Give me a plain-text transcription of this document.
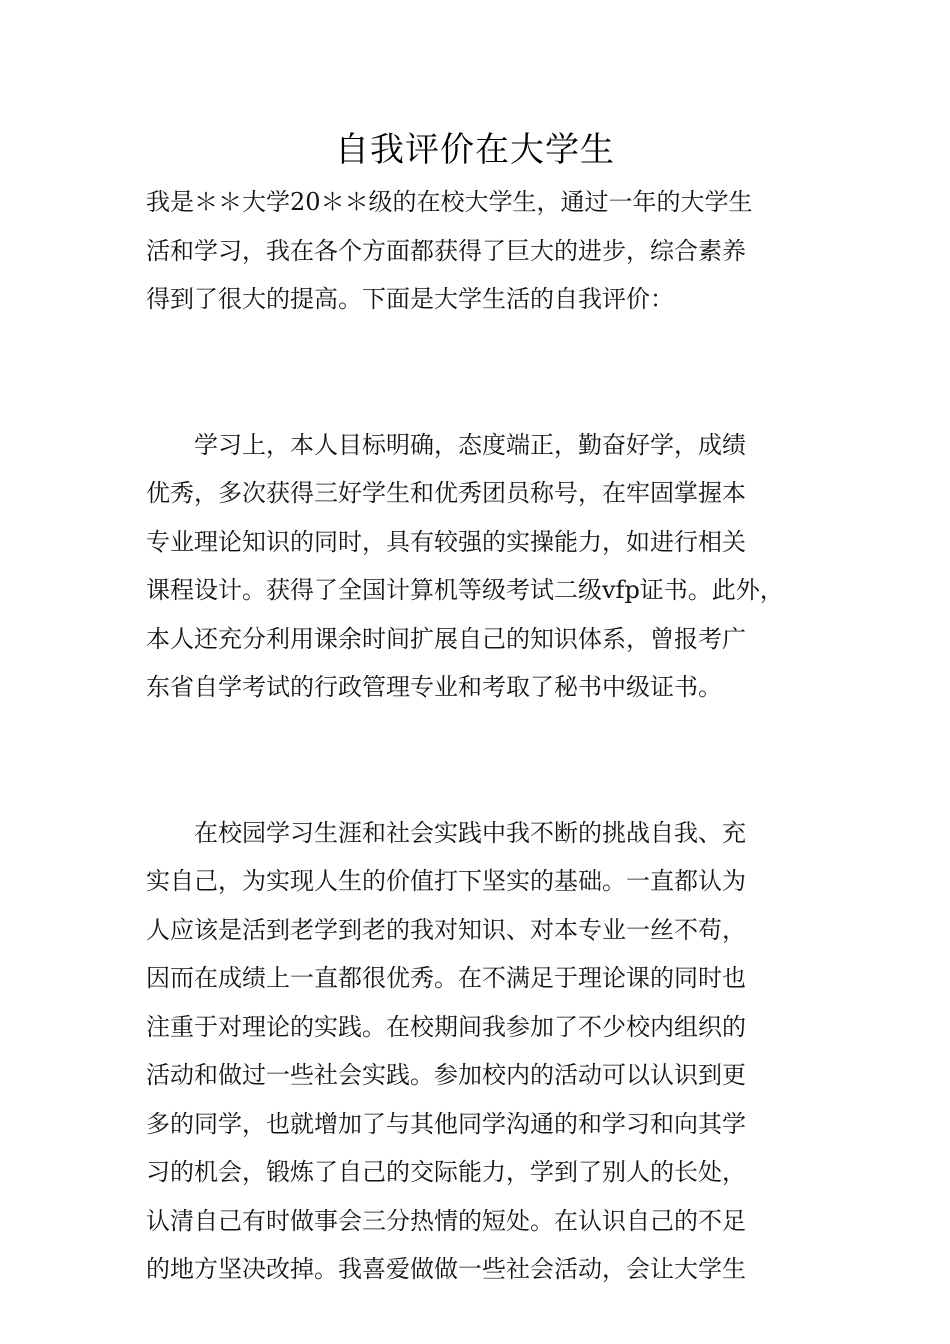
自我评价在大学生
我是＊＊大学20＊＊级的在校大学生，通过一年的大学生
活和学习，我在各个方面都获得了巨大的进步，综合素养
得到了很大的提高。下面是大学生活的自我评价：
　　学习上，本人目标明确，态度端正，勤奋好学，成绩
优秀，多次获得三好学生和优秀团员称号，在牢固掌握本
专业理论知识的同时，具有较强的实操能力，如进行相关
课程设计。获得了全国计算机等级考试二级vfp证书。此外，
本人还充分利用课余时间扩展自己的知识体系，曾报考广
东省自学考试的行政管理专业和考取了秘书中级证书。
　　在校园学习生涯和社会实践中我不断的挑战自我、充
实自己，为实现人生的价值打下坚实的基础。一直都认为
人应该是活到老学到老的我对知识、对本专业一丝不苟，
因而在成绩上一直都很优秀。在不满足于理论课的同时也
注重于对理论的实践。在校期间我参加了不少校内组织的
活动和做过一些社会实践。参加校内的活动可以认识到更
多的同学，也就增加了与其他同学沟通的和学习和向其学
习的机会，锻炼了自己的交际能力，学到了别人的长处，
认清自己有时做事会三分热情的短处。在认识自己的不足
的地方坚决改掉。我喜爱做做一些社会活动，会让大学生
